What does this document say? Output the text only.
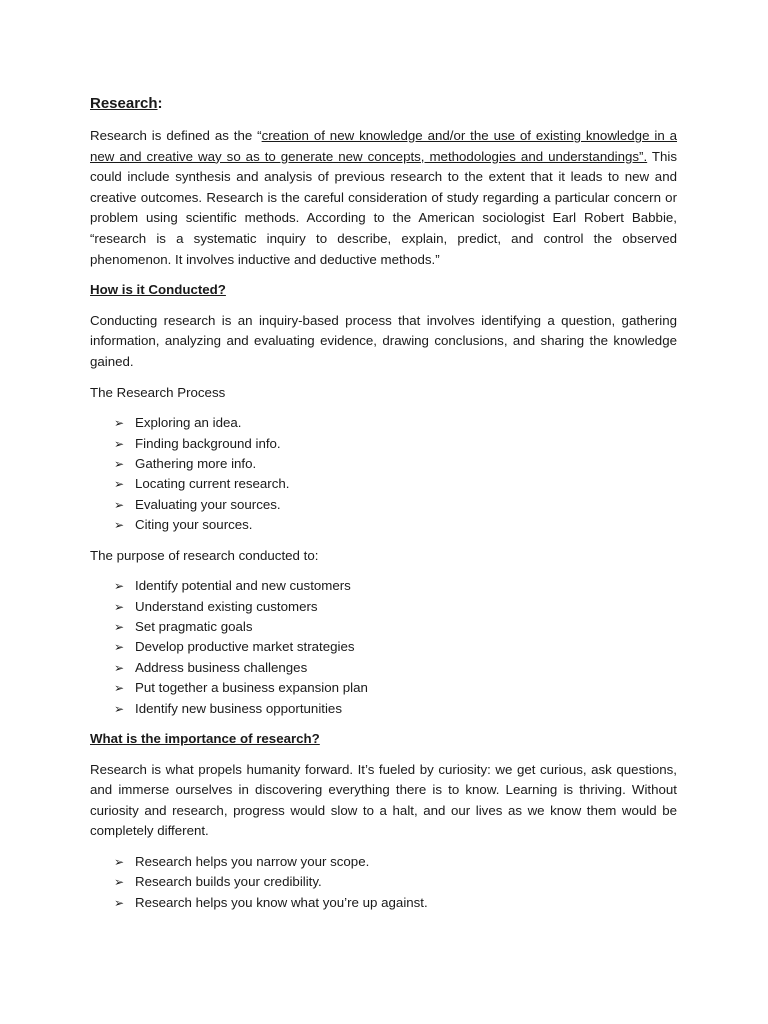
Research:

Research is defined as the “creation of new knowledge and/or the use of existing knowledge in a new and creative way so as to generate new concepts, methodologies and understandings”. This could include synthesis and analysis of previous research to the extent that it leads to new and creative outcomes. Research is the careful consideration of study regarding a particular concern or problem using scientific methods. According to the American sociologist Earl Robert Babbie, “research is a systematic inquiry to describe, explain, predict, and control the observed phenomenon. It involves inductive and deductive methods.”

How is it Conducted?

Conducting research is an inquiry-based process that involves identifying a question, gathering information, analyzing and evaluating evidence, drawing conclusions, and sharing the knowledge gained.

The Research Process

➢ Exploring an idea.
➢ Finding background info.
➢ Gathering more info.
➢ Locating current research.
➢ Evaluating your sources.
➢ Citing your sources.

The purpose of research conducted to:

➢ Identify potential and new customers
➢ Understand existing customers
➢ Set pragmatic goals
➢ Develop productive market strategies
➢ Address business challenges
➢ Put together a business expansion plan
➢ Identify new business opportunities
What is the importance of research?

Research is what propels humanity forward. It’s fueled by curiosity: we get curious, ask questions, and immerse ourselves in discovering everything there is to know. Learning is thriving. Without curiosity and research, progress would slow to a halt, and our lives as we know them would be completely different.

➢ Research helps you narrow your scope.
➢ Research builds your credibility.
➢ Research helps you know what you’re up against.
